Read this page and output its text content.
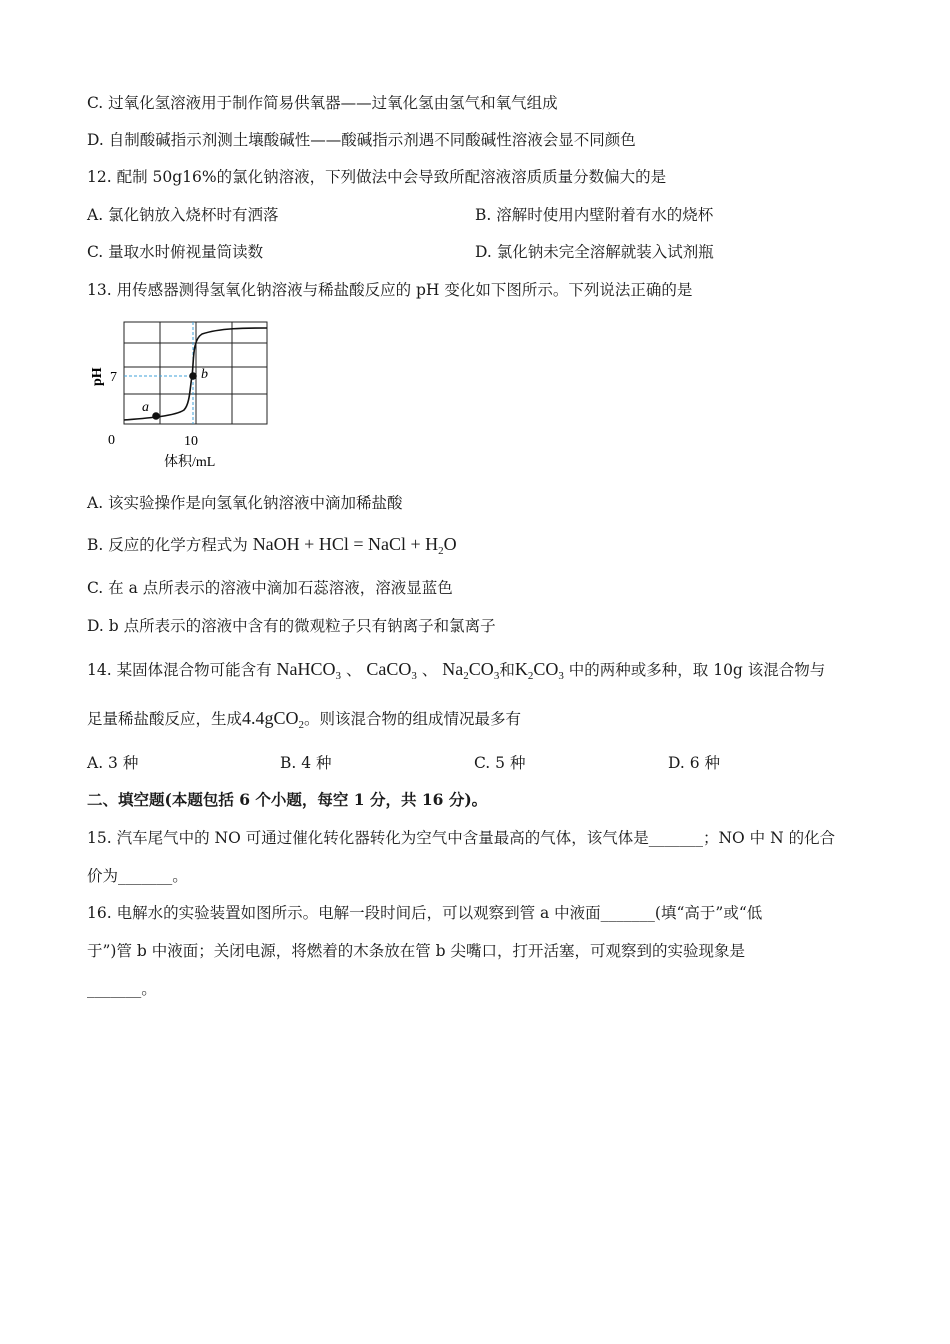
C. 过氧化氢溶液用于制作简易供氧器——过氧化氢由氢气和氧气组成
D. 自制酸碱指示剂测土壤酸碱性——酸碱指示剂遇不同酸碱性溶液会显不同颜色
12. 配制 50g16%的氯化钠溶液，下列做法中会导致所配溶液溶质质量分数偏大的是
A. 氯化钠放入烧杯时有洒落	B. 溶解时使用内壁附着有水的烧杯
C. 量取水时俯视量筒读数	D. 氯化钠未完全溶解就装入试剂瓶
13. 用传感器测得氢氧化钠溶液与稀盐酸反应的 pH 变化如下图所示。下列说法正确的是
a
b
7
0	10
pH
体积/mL
A. 该实验操作是向氢氧化钠溶液中滴加稀盐酸
B. 反应的化学方程式为 NaOH + HCl = NaCl + $H_2O$
C. 在 a 点所表示的溶液中滴加石蕊溶液，溶液显蓝色
D. b 点所表示的溶液中含有的微观粒子只有钠离子和氯离子
14. 某固体混合物可能含有 NaHCO$_3$ 、 CaCO$_3$ 、 $Na_2CO_3$和$K_2CO_3$ 中的两种或多种，取 10g 该混合物与
足量稀盐酸反应，生成4.4gCO$_2$。则该混合物的组成情况最多有
A. 3 种	B. 4 种	C. 5 种	D. 6 种
二、填空题(本题包括 6 个小题，每空 1 分，共 16 分)。
15. 汽车尾气中的 NO 可通过催化转化器转化为空气中含量最高的气体，该气体是_______；NO 中 N 的化合
价为_______。
16. 电解水的实验装置如图所示。电解一段时间后，可以观察到管 a 中液面_______(填“高于”或“低
于”)管 b 中液面；关闭电源，将燃着的木条放在管 b 尖嘴口，打开活塞，可观察到的实验现象是
_______。
